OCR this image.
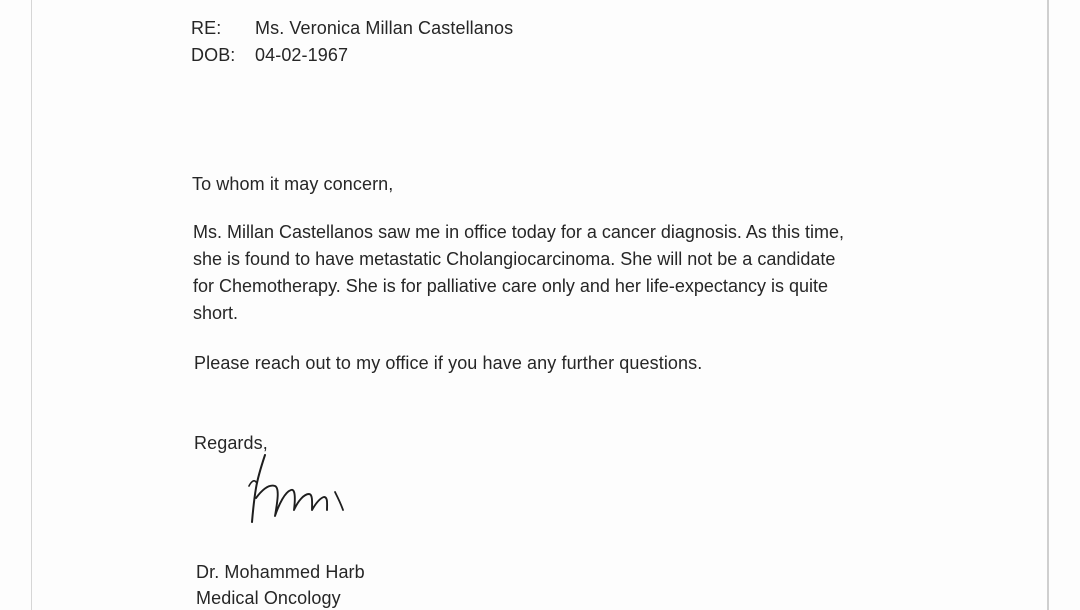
RE: Ms. Veronica Millan Castellanos
DOB: 04-02-1967
To whom it may concern,
Ms. Millan Castellanos saw me in office today for a cancer diagnosis. As this time,
she is found to have metastatic Cholangiocarcinoma. She will not be a candidate
for Chemotherapy. She is for palliative care only and her life-expectancy is quite
short.
Please reach out to my office if you have any further questions.
Regards,
Dr. Mohammed Harb
Medical Oncology
